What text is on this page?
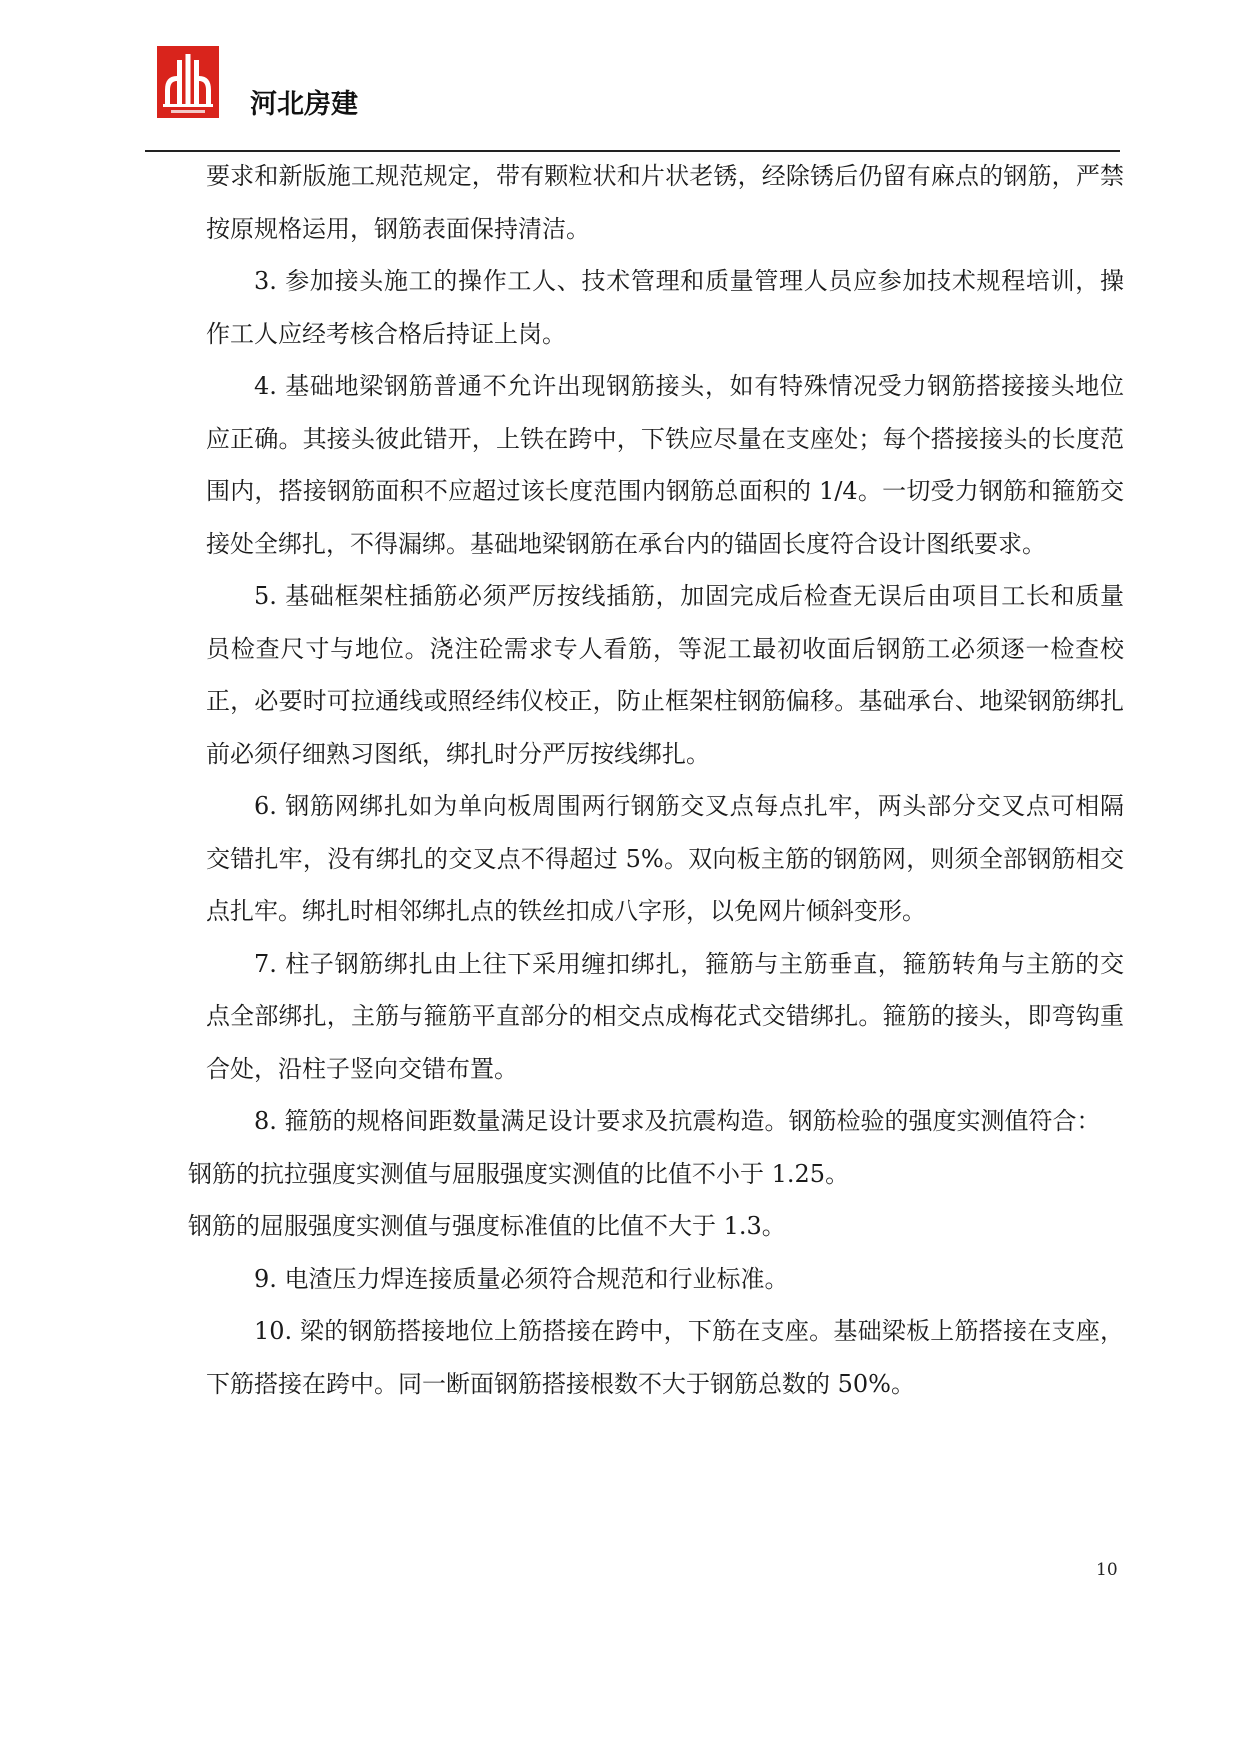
河北房建

要求和新版施工规范规定，带有颗粒状和片状老锈，经除锈后仍留有麻点的钢筋，严禁按原规格运用，钢筋表面保持清洁。

3. 参加接头施工的操作工人、技术管理和质量管理人员应参加技术规程培训，操作工人应经考核合格后持证上岗。

4. 基础地梁钢筋普通不允许出现钢筋接头，如有特殊情况受力钢筋搭接接头地位应正确。其接头彼此错开，上铁在跨中，下铁应尽量在支座处；每个搭接接头的长度范围内，搭接钢筋面积不应超过该长度范围内钢筋总面积的 1/4。一切受力钢筋和箍筋交接处全绑扎，不得漏绑。基础地梁钢筋在承台内的锚固长度符合设计图纸要求。

5. 基础框架柱插筋必须严厉按线插筋，加固完成后检查无误后由项目工长和质量员检查尺寸与地位。浇注砼需求专人看筋，等泥工最初收面后钢筋工必须逐一检查校正，必要时可拉通线或照经纬仪校正，防止框架柱钢筋偏移。基础承台、地梁钢筋绑扎前必须仔细熟习图纸，绑扎时分严厉按线绑扎。

6. 钢筋网绑扎如为单向板周围两行钢筋交叉点每点扎牢，两头部分交叉点可相隔交错扎牢，没有绑扎的交叉点不得超过 5%。双向板主筋的钢筋网，则须全部钢筋相交点扎牢。绑扎时相邻绑扎点的铁丝扣成八字形，以免网片倾斜变形。

7. 柱子钢筋绑扎由上往下采用缠扣绑扎，箍筋与主筋垂直，箍筋转角与主筋的交点全部绑扎，主筋与箍筋平直部分的相交点成梅花式交错绑扎。箍筋的接头，即弯钩重合处，沿柱子竖向交错布置。

8. 箍筋的规格间距数量满足设计要求及抗震构造。钢筋检验的强度实测值符合：

钢筋的抗拉强度实测值与屈服强度实测值的比值不小于 1.25。

钢筋的屈服强度实测值与强度标准值的比值不大于 1.3。

9. 电渣压力焊连接质量必须符合规范和行业标准。

10. 梁的钢筋搭接地位上筋搭接在跨中，下筋在支座。基础梁板上筋搭接在支座，下筋搭接在跨中。同一断面钢筋搭接根数不大于钢筋总数的 50%。

10
